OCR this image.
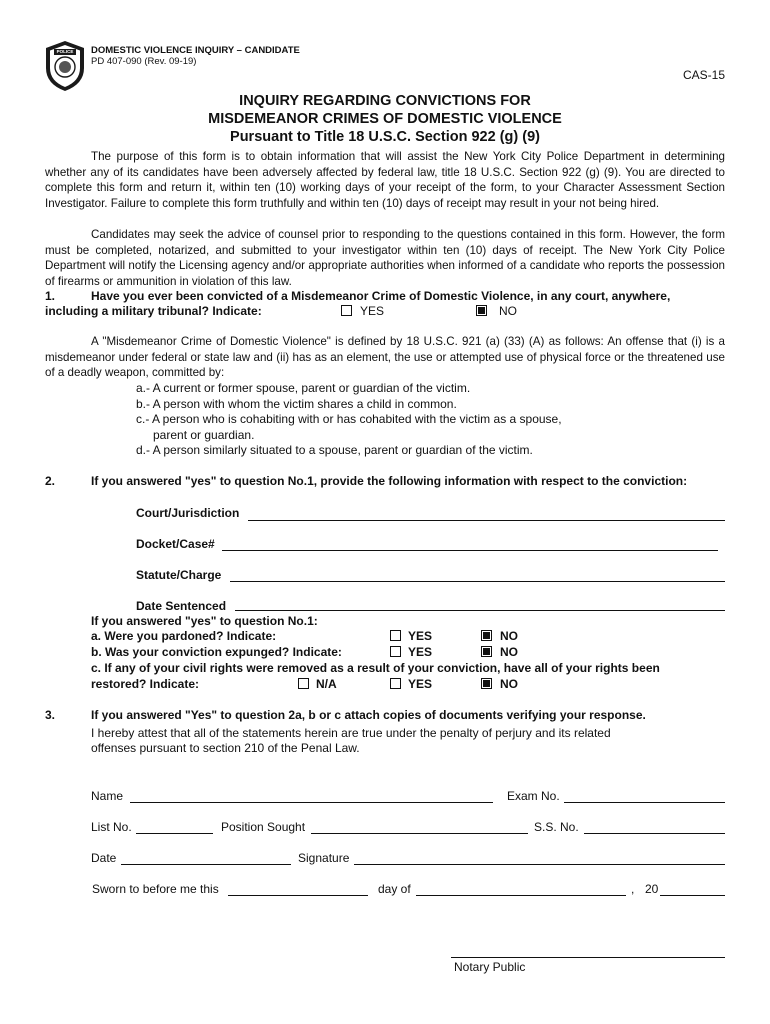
POLICE DOMESTIC VIOLENCE INQUIRY – CANDIDATE
PD 407-090 (Rev. 09-19)
CAS-15
INQUIRY REGARDING CONVICTIONS FOR
MISDEMEANOR CRIMES OF DOMESTIC VIOLENCE
Pursuant to Title 18 U.S.C. Section 922 (g) (9)

The purpose of this form is to obtain information that will assist the New York City Police Department in determining whether any of its candidates have been adversely affected by federal law, title 18 U.S.C. Section 922 (g) (9). You are directed to complete this form and return it, within ten (10) working days of your receipt of the form, to your Character Assessment Section Investigator. Failure to complete this form truthfully and within ten (10) days of receipt may result in your not being hired.

Candidates may seek the advice of counsel prior to responding to the questions contained in this form. However, the form must be completed, notarized, and submitted to your investigator within ten (10) days of receipt. The New York City Police Department will notify the Licensing agency and/or appropriate authorities when informed of a candidate who reports the possession of firearms or ammunition in violation of this law.

1.	Have you ever been convicted of a Misdemeanor Crime of Domestic Violence, in any court, anywhere,
including a military tribunal? Indicate:	YES	NO

A "Misdemeanor Crime of Domestic Violence" is defined by 18 U.S.C. 921 (a) (33) (A) as follows: An offense that (i) is a misdemeanor under federal or state law and (ii) has as an element, the use or attempted use of physical force or the threatened use of a deadly weapon, committed by:

a.- A current or former spouse, parent or guardian of the victim.
b.- A person with whom the victim shares a child in common.
c.- A person who is cohabiting with or has cohabited with the victim as a spouse,
parent or guardian.
d.- A person similarly situated to a spouse, parent or guardian of the victim.
2.	If you answered "yes" to question No.1, provide the following information with respect to the conviction:
Court/Jurisdiction
Docket/Case#
Statute/Charge
Date Sentenced
If you answered "yes" to question No.1:
a. Were you pardoned? Indicate:	YES	NO
b. Was your conviction expunged? Indicate:	YES	NO
c. If any of your civil rights were removed as a result of your conviction, have all of your rights been
restored? Indicate:	N/A	YES	NO
3.	If you answered "Yes" to question 2a, b or c attach copies of documents verifying your response.
I hereby attest that all of the statements herein are true under the penalty of perjury and its related
offenses pursuant to section 210 of the Penal Law.
Name	Exam No.
List No.	Position Sought	S.S. No.
Date	Signature
Sworn to before me this	day of	, 20
Notary Public
